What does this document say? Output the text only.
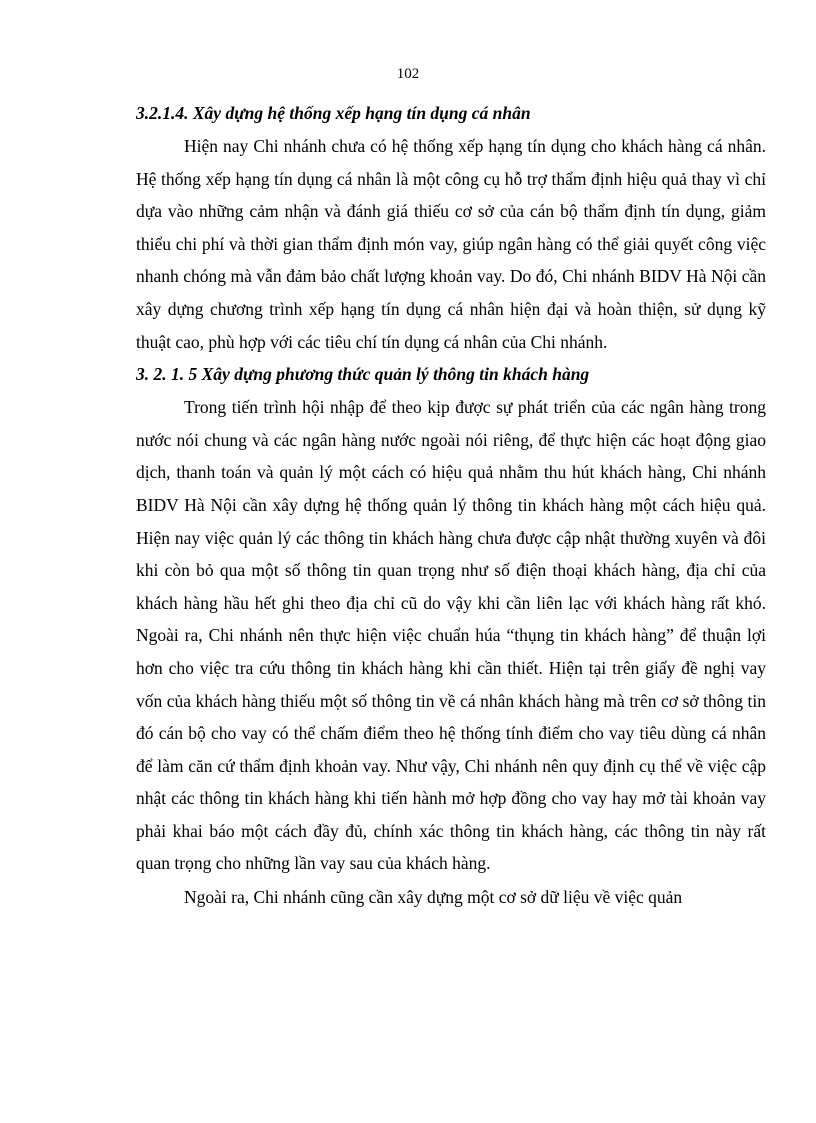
102
3.2.1.4. Xây dựng hệ thống xếp hạng tín dụng cá nhân

Hiện nay Chi nhánh chưa có hệ thống xếp hạng tín dụng cho khách hàng cá nhân. Hệ thống xếp hạng tín dụng cá nhân là một công cụ hỗ trợ thẩm định hiệu quả thay vì chỉ dựa vào những cảm nhận và đánh giá thiếu cơ sở của cán bộ thẩm định tín dụng, giảm thiểu chi phí và thời gian thẩm định món vay, giúp ngân hàng có thể giải quyết công việc nhanh chóng mà vẫn đảm bảo chất lượng khoản vay. Do đó, Chi nhánh BIDV Hà Nội cần xây dựng chương trình xếp hạng tín dụng cá nhân hiện đại và hoàn thiện, sử dụng kỹ thuật cao, phù hợp với các tiêu chí tín dụng cá nhân của Chi nhánh.

3. 2. 1. 5 Xây dựng phương thức quản lý thông tin khách hàng

Trong tiến trình hội nhập để theo kịp được sự phát triển của các ngân hàng trong nước nói chung và các ngân hàng nước ngoài nói riêng, để thực hiện các hoạt động giao dịch, thanh toán và quản lý một cách có hiệu quả nhằm thu hút khách hàng, Chi nhánh BIDV Hà Nội cần xây dựng hệ thống quản lý thông tin khách hàng một cách hiệu quả. Hiện nay việc quản lý các thông tin khách hàng chưa được cập nhật thường xuyên và đôi khi còn bỏ qua một số thông tin quan trọng như số điện thoại khách hàng, địa chỉ của khách hàng hầu hết ghi theo địa chỉ cũ do vậy khi cần liên lạc với khách hàng rất khó. Ngoài ra, Chi nhánh nên thực hiện việc chuẩn húa “thụng tin khách hàng” để thuận lợi hơn cho việc tra cứu thông tin khách hàng khi cần thiết. Hiện tại trên giấy đề nghị vay vốn của khách hàng thiếu một số thông tin về cá nhân khách hàng mà trên cơ sở thông tin đó cán bộ cho vay có thể chấm điểm theo hệ thống tính điểm cho vay tiêu dùng cá nhân để làm căn cứ thẩm định khoản vay. Như vậy, Chi nhánh nên quy định cụ thể về việc cập nhật các thông tin khách hàng khi tiến hành mở hợp đồng cho vay hay mở tài khoản vay phải khai báo một cách đầy đủ, chính xác thông tin khách hàng, các thông tin này rất quan trọng cho những lần vay sau của khách hàng.

Ngoài ra, Chi nhánh cũng cần xây dựng một cơ sở dữ liệu về việc quản
